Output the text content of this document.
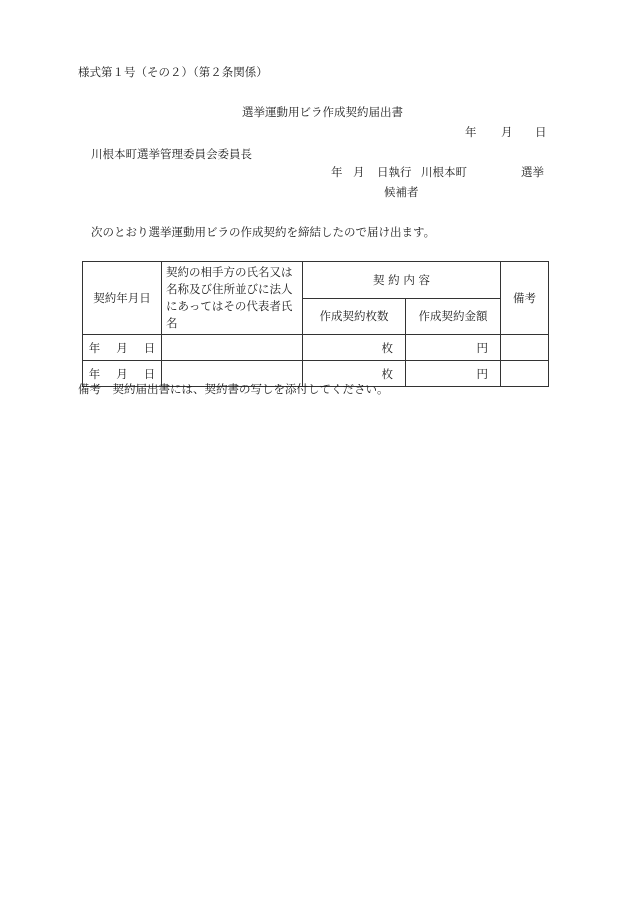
様式第１号（その２）（第２条関係）
選挙運動用ビラ作成契約届出書
年 月 日
川根本町選挙管理委員会委員長
年 月 日執行 川根本町	選挙
候補者
次のとおり選挙運動用ビラの作成契約を締結したので届け出ます。
契約年月日	契約の相手方の氏名又は名称及び住所並びに法人にあってはその代表者氏名	契 約 内 容		備考
		作成契約枚数	作成契約金額	
年 月 日		枚	円	
年 月 日		枚	円	
備考　契約届出書には、契約書の写しを添付してください。
